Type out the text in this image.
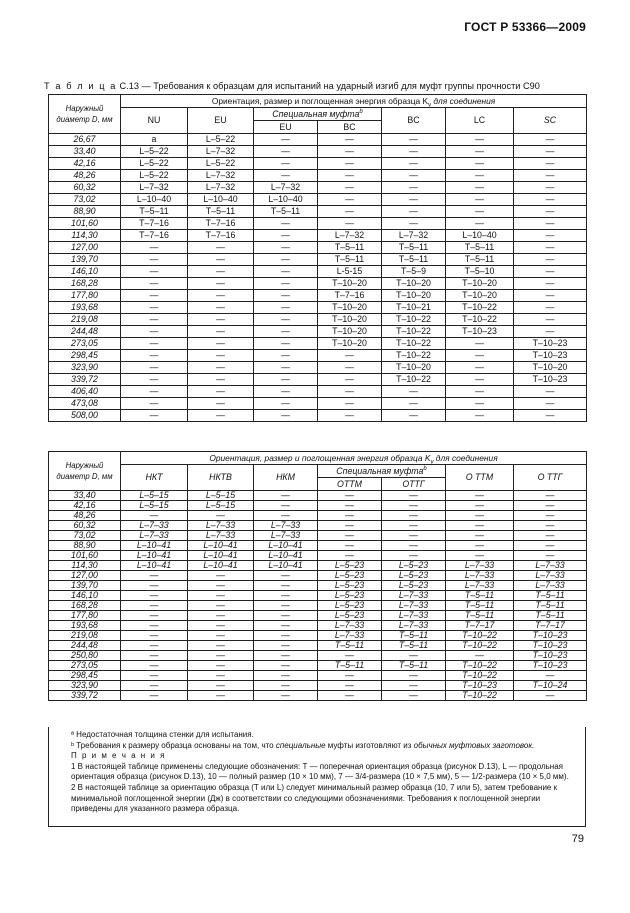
ГОСТ Р 53366—2009
Т а б л и ц а С.13 — Требования к образцам для испытаний на ударный изгиб для муфт группы прочности С90
Наружный диаметр D, мм	Ориентация, размер и поглощенная энергия образца $K_v$ для соединения						
	NU	EU	Специальная муфта$^b$		BC	LC	SC
			EU	BC			
26,67	a	L–5–22	—	—	—	—	—
33,40	L–5–22	L–7–32	—	—	—	—	—
42,16	L–5–22	L–5–22	—	—	—	—	—
48,26	L–5–22	L–7–32	—	—	—	—	—
60,32	L–7–32	L–7–32	L–7–32	—	—	—	—
73,02	L–10–40	L–10–40	L–10–40	—	—	—	—
88,90	T–5–11	T–5–11	T–5–11	—	—	—	—
101,60	T–7–16	T–7–16	—	—	—	—	—
114,30	T–7–16	T–7–16	—	L–7–32	L–7–32	L–10–40	—
127,00	—	—	—	T–5–11	T–5–11	T–5–11	—
139,70	—	—	—	T–5–11	T–5–11	T–5–11	—
146,10	—	—	—	L-5-15	T–5–9	T–5–10	—
168,28	—	—	—	T–10–20	T–10–20	T–10–20	—
177,80	—	—	—	T–7–16	T–10–20	T–10–20	—
193,68	—	—	—	T–10–20	T–10–21	T–10–22	—
219,08	—	—	—	T–10–20	T–10–22	T–10–22	—
244,48	—	—	—	T–10–20	T–10–22	T–10–23	—
273,05	—	—	—	T–10–20	T–10–22	—	T–10–23
298,45	—	—	—	—	T–10–22	—	T–10–23
323,90	—	—	—	—	T–10–20	—	T–10–20
339,72	—	—	—	—	T–10–22	—	T–10–23
406,40	—	—	—	—	—	—	—
473,08	—	—	—	—	—	—	—
508,00	—	—	—	—	—	—	—
Наружный диаметр D, мм	Ориентация, размер и поглощенная энергия образца $K_v$ для соединения						
	НКТ	НКТВ	НКМ	Специальная муфта$^b$		О ТТМ	О ТТГ
				ОТТМ	ОТТГ		
33,40	L–5–15	L–5–15	—	—	—	—	—
42,16	L–5–15	L–5–15	—	—	—	—	—
48,26	—	—	—	—	—	—	—
60,32	L–7–33	L–7–33	L–7–33	—	—	—	—
73,02	L–7–33	L–7–33	L–7–33	—	—	—	—
88,90	L–10–41	L–10–41	L–10–41	—	—	—	—
101,60	L–10–41	L–10–41	L–10–41	—	—	—	—
114,30	L–10–41	L–10–41	L–10–41	L–5–23	L–5–23	L–7–33	L–7–33
127,00	—	—	—	L–5–23	L–5–23	L–7–33	L–7–33
139,70	—	—	—	L–5–23	L–5–23	L–7–33	L–7–33
146,10	—	—	—	L–5–23	L–7–33	T–5–11	T–5–11
168,28	—	—	—	L–5–23	L–7–33	T–5–11	T–5–11
177,80	—	—	—	L–5–23	L–7–33	T–5–11	T–5–11
193,68	—	—	—	L–7–33	L–7–33	T–7–17	T–7–17
219,08	—	—	—	L–7–33	T–5–11	T–10–22	T–10–23
244,48	—	—	—	T–5–11	T–5–11	T–10–22	T–10–23
250,80	—	—	—	—	—	—	T–10–23
273,05	—	—	—	T–5–11	T–5–11	T–10–22	T–10–23
298,45	—	—	—	—	—	T–10–22	—
323,90	—	—	—	—	—	T–10–23	T–10–24
339,72	—	—	—	—	—	T–10–22	—

ª Недостаточная толщина стенки для испытания.

ᵇ Требования к размеру образца основаны на том, что специальные муфты изготовляют из обычных муфтовых заготовок.

П р и м е ч а н и я

1 В настоящей таблице применены следующие обозначения: Т — поперечная ориентация образца (рисунок D.13), L — продольная ориентация образца (рисунок D.13), 10 — полный размер (10 × 10 мм), 7 — 3/4-размера (10 × 7,5 мм), 5 — 1/2-размера (10 × 5,0 мм).

2 В настоящей таблице за ориентацию образца (Т или L) следует минимальный размер образца (10, 7 или 5), затем требование к минимальной поглощенной энергии (Дж) в соответствии со следующими обозначениями. Требования к поглощенной энергии приведены для указанного размера образца.

79
